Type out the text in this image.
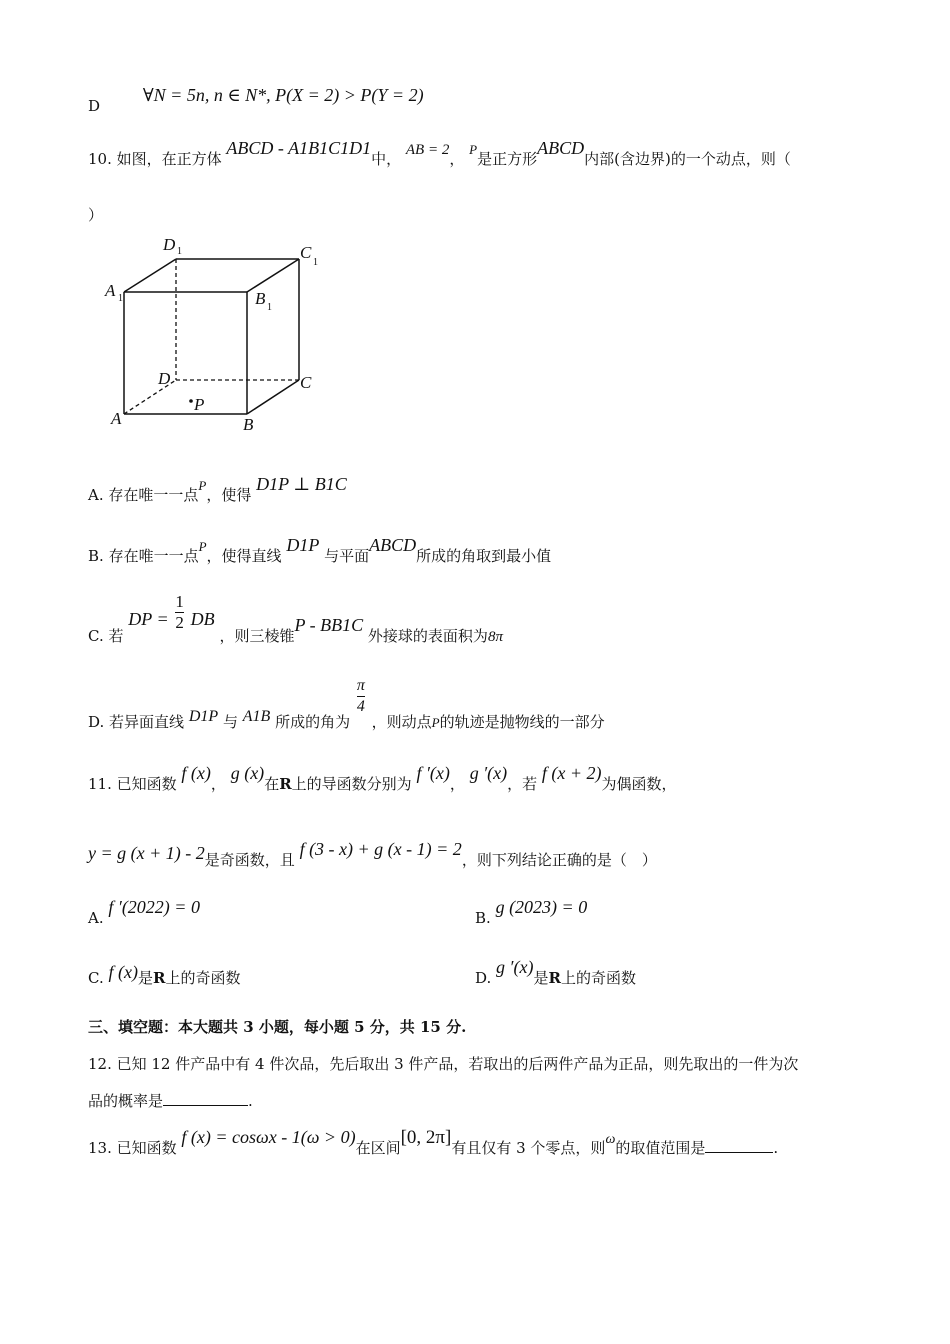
D ∀N = 5n, n ∈ N*, P(X = 2) > P(Y = 2)
10. 如图，在正方体 ABCD - A1B1C1D1中， AB = 2， P是正方形ABCD内部(含边界)的一个动点，则（
）
D 1	C
1
A 1	B 1
D	C
A	B
P
A. 存在唯一一点P，使得 D1P ⊥ B1C
B. 存在唯一一点P，使得直线 D1P 与平面ABCD所成的角取到最小值
C. 若 DP = $\frac{1}{2}$ DB ，则三棱锥P - BB1C 外接球的表面积为8π
D. 若异面直线 D1P 与 A1B 所成的角为
$\frac{\pi}{4}$
，则动点P的轨迹是抛物线的一部分
11. 已知函数 f (x)， g (x)在R上的导函数分别为 f ′(x)， g ′(x)，若 f (x + 2)为偶函数，
y = g (x + 1) - 2是奇函数，且 f (3 - x) + g (x - 1) = 2，则下列结论正确的是（　）
A. f ′(2022) = 0
B. g (2023) = 0
C. f (x)是R上的奇函数	D. g ′(x)是R上的奇函数
三、填空题：本大题共 3 小题，每小题 5 分，共 15 分.
12. 已知 12 件产品中有 4 件次品，先后取出 3 件产品，若取出的后两件产品为正品，则先取出的一件为次
品的概率是	.
13. 已知函数 f (x) = cosωx - 1(ω > 0)在区间[0, 2π]有且仅有 3 个零点，则ω的取值范围是	.
